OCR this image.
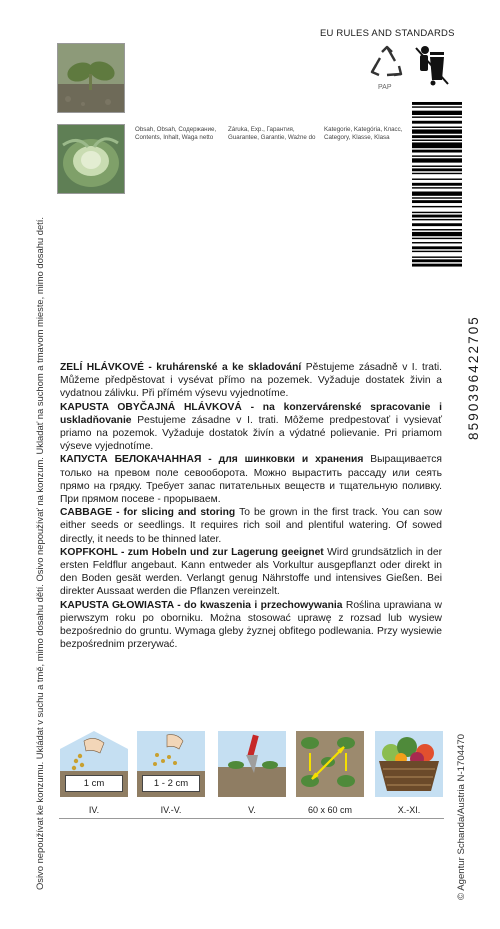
Osivo nepoužívat ke konzumu. Ukládat v suchu a tmě, mimo dosahu dětí. Osivo nepoužívať na konzum. Ukladať na suchom a tmavom mieste, mimo dosahu detí.
EU RULES AND STANDARDS
PAP
Obsah, Obsah, Содержание,
Contents, Inhalt, Waga netto
Záruka, Exp., Гарантия,
Guarantee, Garantie, Ważne do
Kategorie, Kategória, Класс,
Category, Klasse, Klasa
8590396422705

ZELÍ HLÁVKOVÉ - kruhárenské a ke skladování Pěstujeme zásadně v I. trati. Můžeme předpěstovat i vysévat přímo na pozemek. Vyžaduje dostatek živin a vydatnou zálivku. Při přímém výsevu vyjednotíme.

KAPUSTA OBYČAJNÁ HLÁVKOVÁ - na konzervárenské spracovanie i uskladňovanie Pestujeme zásadne v I. trati. Môžeme predpestovať i vysievať priamo na pozemok. Vyžaduje dostatok živín a výdatné polievanie. Pri priamom výseve vyjednotíme.

КАПУСТА БЕЛОКАЧАННАЯ - для шинковки и хранения Выращивается только на превом поле севооборота. Можно вырастить рассаду или сеять прямо на грядку. Требует запас питательных веществ и тщательную поливку. При прямом посеве - прорываем.

CABBAGE - for slicing and storing To be grown in the first track. You can sow either seeds or seedlings. It requires rich soil and plentiful watering. Of sowed directly, it needs to be thinned later.

KOPFKOHL - zum Hobeln und zur Lagerung geeignet Wird grundsätzlich in der ersten Feldflur angebaut. Kann entweder als Vorkultur ausgepflanzt oder direkt in den Boden gesät werden. Verlangt genug Nährstoffe und intensives Gießen. Bei direkter Aussaat werden die Pflanzen vereinzelt.

KAPUSTA GŁOWIASTA - do kwaszenia i przechowywania Roślina uprawiana w pierwszym roku po oborniku. Można stosować uprawę z rozsad lub wysiew bezpośrednio do gruntu. Wymaga gleby żyznej obfitego podlewania. Przy wysiewie bezpośrednim przerywać.

1 cm	1 - 2 cm
IV.	IV.-V.	V.	60 x 60 cm	X.-XI.	© Agentur Schanda/Austria N-1704470
